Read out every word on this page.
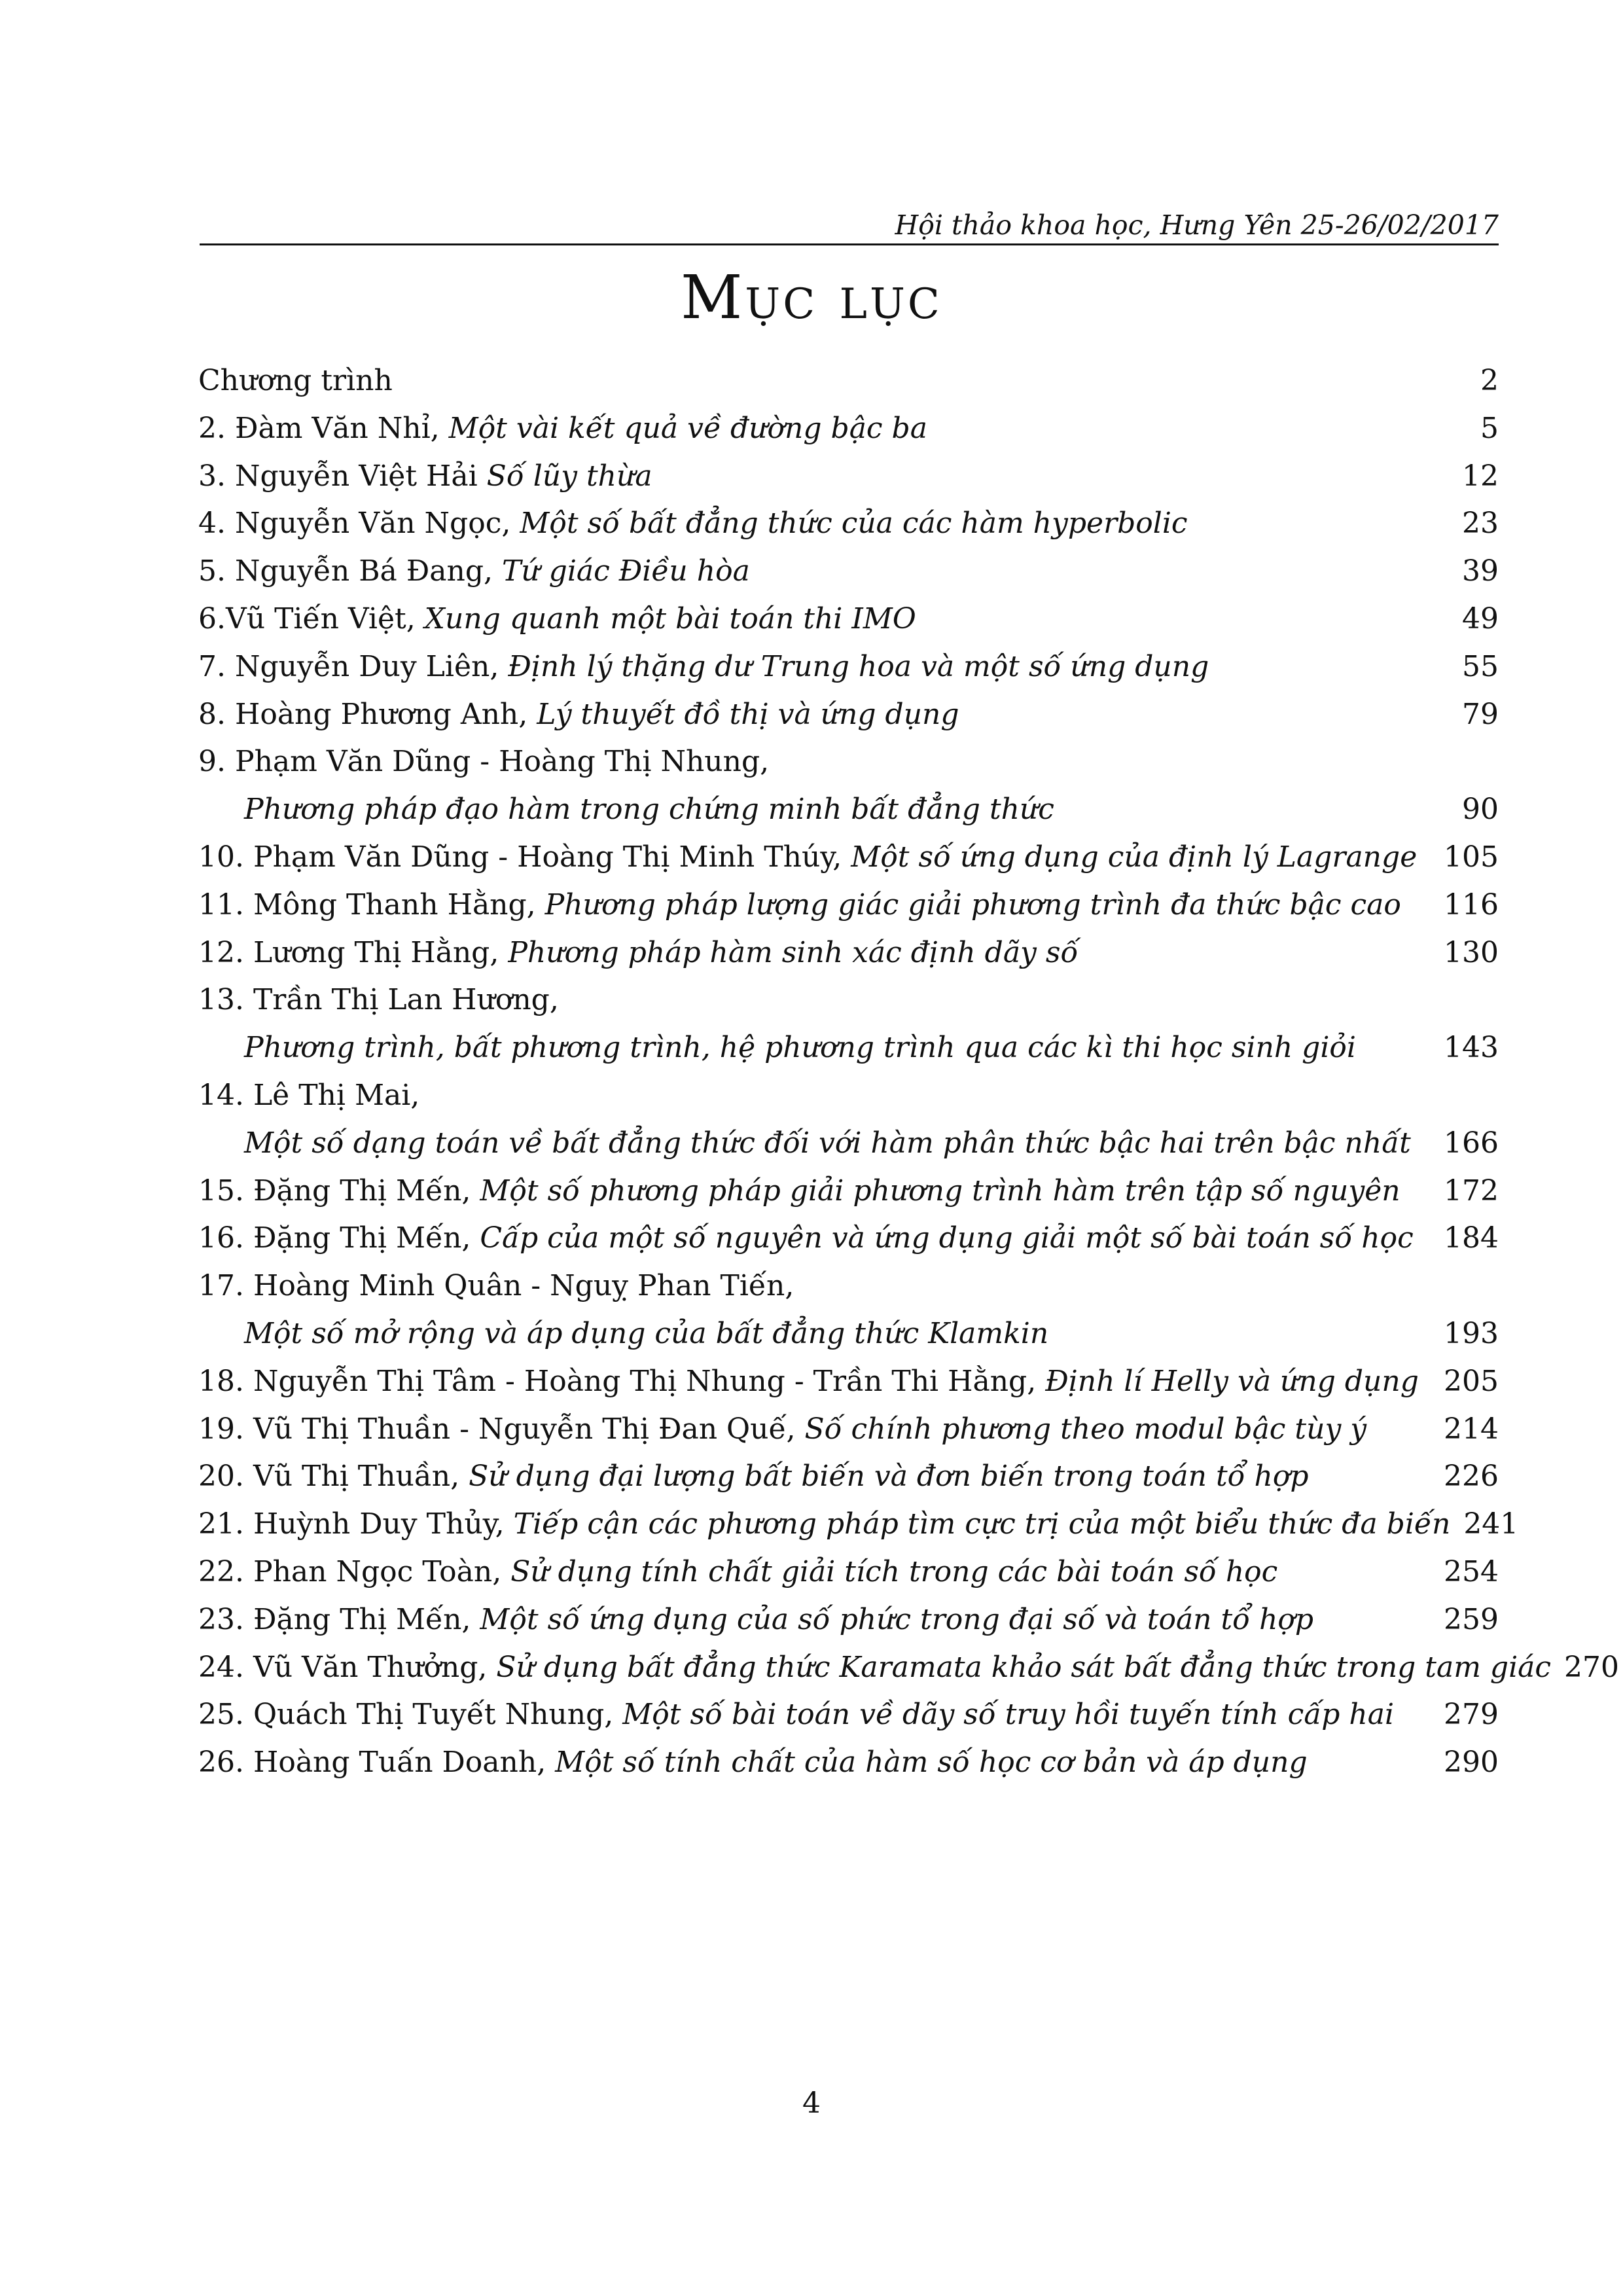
Hội thảo khoa học, Hưng Yên 25-26/02/2017
Mục lục
Chương trình	2
2. Đàm Văn Nhỉ, Một vài kết quả về đường bậc ba	5
3. Nguyễn Việt Hải Số lũy thừa	12
4. Nguyễn Văn Ngọc, Một số bất đẳng thức của các hàm hyperbolic	23
5. Nguyễn Bá Đang, Tứ giác Điều hòa	39
6.Vũ Tiến Việt, Xung quanh một bài toán thi IMO	49
7. Nguyễn Duy Liên, Định lý thặng dư Trung hoa và một số ứng dụng	55
8. Hoàng Phương Anh, Lý thuyết đồ thị và ứng dụng	79
9. Phạm Văn Dũng - Hoàng Thị Nhung,
Phương pháp đạo hàm trong chứng minh bất đẳng thức	90
10. Phạm Văn Dũng - Hoàng Thị Minh Thúy, Một số ứng dụng của định lý Lagrange 105
11. Mông Thanh Hằng, Phương pháp lượng giác giải phương trình đa thức bậc cao	116
12. Lương Thị Hằng, Phương pháp hàm sinh xác định dãy số	130
13. Trần Thị Lan Hương,
Phương trình, bất phương trình, hệ phương trình qua các kì thi học sinh giỏi	143
14. Lê Thị Mai,
Một số dạng toán về bất đẳng thức đối với hàm phân thức bậc hai trên bậc nhất	166
15. Đặng Thị Mến, Một số phương pháp giải phương trình hàm trên tập số nguyên	172
16. Đặng Thị Mến, Cấp của một số nguyên và ứng dụng giải một số bài toán số học	184
17. Hoàng Minh Quân - Nguỵ Phan Tiến,
Một số mở rộng và áp dụng của bất đẳng thức Klamkin	193
18. Nguyễn Thị Tâm - Hoàng Thị Nhung - Trần Thi Hằng, Định lí Helly và ứng dụng 205
19. Vũ Thị Thuần - Nguyễn Thị Đan Quế, Số chính phương theo modul bậc tùy ý	214
20. Vũ Thị Thuần, Sử dụng đại lượng bất biến và đơn biến trong toán tổ hợp	226
21. Huỳnh Duy Thủy, Tiếp cận các phương pháp tìm cực trị của một biểu thức đa biến 241
22. Phan Ngọc Toàn, Sử dụng tính chất giải tích trong các bài toán số học	254
23. Đặng Thị Mến, Một số ứng dụng của số phức trong đại số và toán tổ hợp	259
24. Vũ Văn Thưởng, Sử dụng bất đẳng thức Karamata khảo sát bất đẳng thức trong tam giác 270
25. Quách Thị Tuyết Nhung, Một số bài toán về dãy số truy hồi tuyến tính cấp hai	279
26. Hoàng Tuấn Doanh, Một số tính chất của hàm số học cơ bản và áp dụng	290
4
